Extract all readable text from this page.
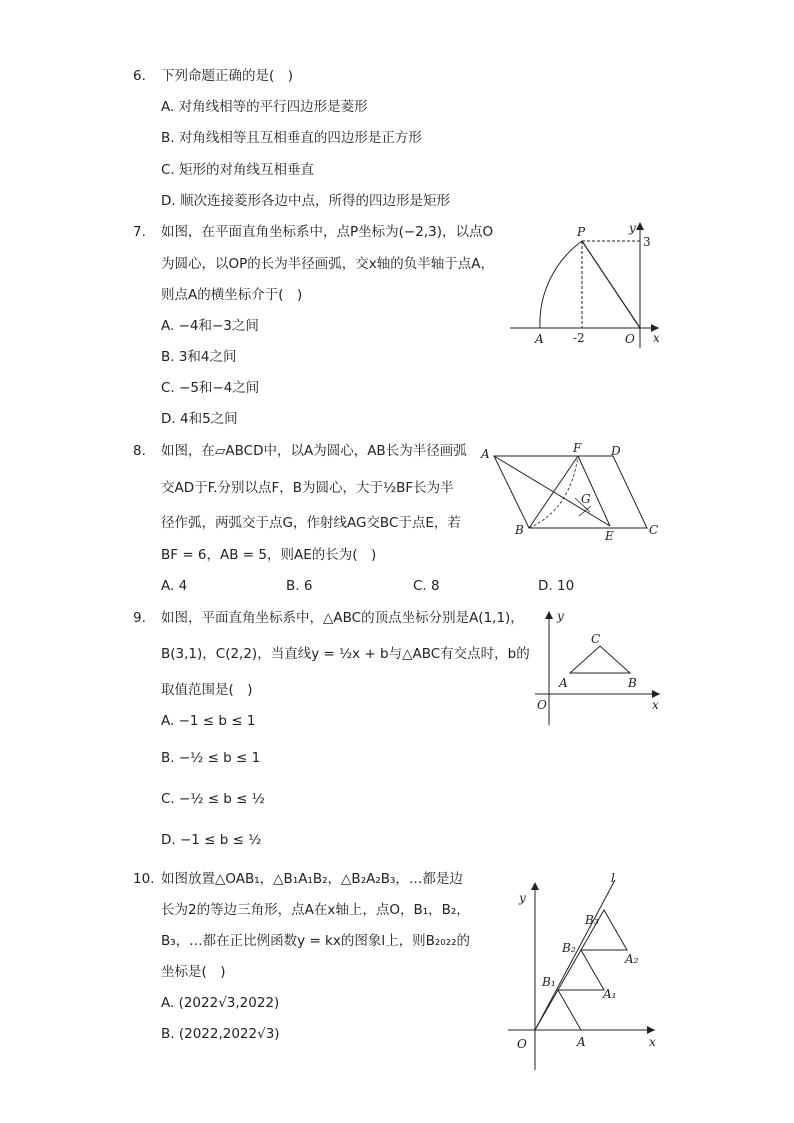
6. 下列命题正确的是(　)
A. 对角线相等的平行四边形是菱形
B. 对角线相等且互相垂直的四边形是正方形
C. 矩形的对角线互相垂直
D. 顺次连接菱形各边中点，所得的四边形是矩形
7. 如图，在平面直角坐标系中，点P坐标为(−2,3)，以点O
为圆心，以OP的长为半径画弧，交x轴的负半轴于点A，
则点A的横坐标介于(　)
A. −4和−3之间
B. 3和4之间
C. −5和−4之间
D. 4和5之间
P	y
3
A -2	O x
8. 如图，在▱ABCD中，以A为圆心，AB长为半径画弧
交AD于F.分别以点F，B为圆心，大于½BF长为半
径作弧，两弧交于点G，作射线AG交BC于点E，若
BF = 6，AB = 5，则AE的长为(　)
A. 4	B. 6	C. 8	D. 10
A	F D
G
B	E	C
9. 如图，平面直角坐标系中，△ABC的顶点坐标分别是A(1,1)，
B(3,1)，C(2,2)，当直线y = ½x + b与△ABC有交点时，b的
取值范围是(　)
A. −1 ≤ b ≤ 1
B. −½ ≤ b ≤ 1
C. −½ ≤ b ≤ ½
D. −1 ≤ b ≤ ½
y
C
A	B
O	x
10. 如图放置△OAB₁，△B₁A₁B₂，△B₂A₂B₃，…都是边
长为2的等边三角形，点A在x轴上，点O，B₁，B₂，
B₃，…都在正比例函数y = kx的图象l上，则B₂₀₂₂的
坐标是(　)
A. (2022√3,2022)
B. (2022,2022√3)
l
y
B₃
B₂
A₂
B₁
A₁
O	A	x
